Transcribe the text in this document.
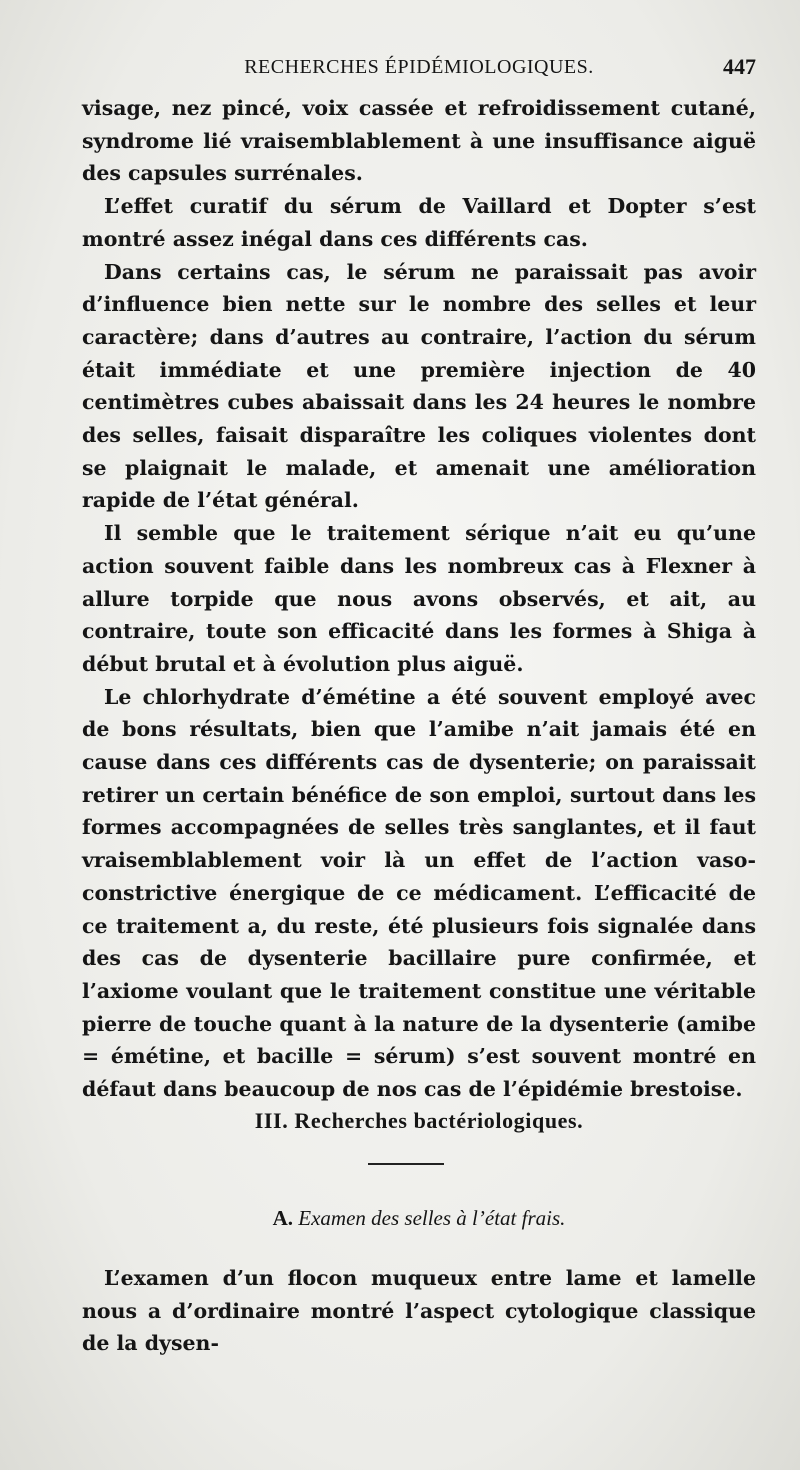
RECHERCHES ÉPIDÉMIOLOGIQUES.	447

visage, nez pincé, voix cassée et refroidissement cutané, syndrome lié vraisemblablement à une insuffisance aiguë des capsules surrénales.

L’effet curatif du sérum de Vaillard et Dopter s’est montré assez inégal dans ces différents cas.

Dans certains cas, le sérum ne paraissait pas avoir d’influence bien nette sur le nombre des selles et leur caractère; dans d’autres au contraire, l’action du sérum était immédiate et une première injection de 40 centimètres cubes abaissait dans les 24 heures le nombre des selles, faisait disparaître les coliques violentes dont se plaignait le malade, et amenait une amélioration rapide de l’état général.

Il semble que le traitement sérique n’ait eu qu’une action souvent faible dans les nombreux cas à Flexner à allure torpide que nous avons observés, et ait, au contraire, toute son efficacité dans les formes à Shiga à début brutal et à évolution plus aiguë.

Le chlorhydrate d’émétine a été souvent employé avec de bons résultats, bien que l’amibe n’ait jamais été en cause dans ces différents cas de dysenterie; on paraissait retirer un certain bénéfice de son emploi, surtout dans les formes accompagnées de selles très sanglantes, et il faut vraisemblablement voir là un effet de l’action vaso-constrictive énergique de ce médicament. L’efficacité de ce traitement a, du reste, été plusieurs fois signalée dans des cas de dysenterie bacillaire pure confirmée, et l’axiome voulant que le traitement constitue une véritable pierre de touche quant à la nature de la dysenterie (amibe = émétine, et bacille = sérum) s’est souvent montré en défaut dans beaucoup de nos cas de l’épidémie brestoise.

III. Recherches bactériologiques.
A. Examen des selles à l’état frais.

L’examen d’un flocon muqueux entre lame et lamelle nous a d’ordinaire montré l’aspect cytologique classique de la dysen-
